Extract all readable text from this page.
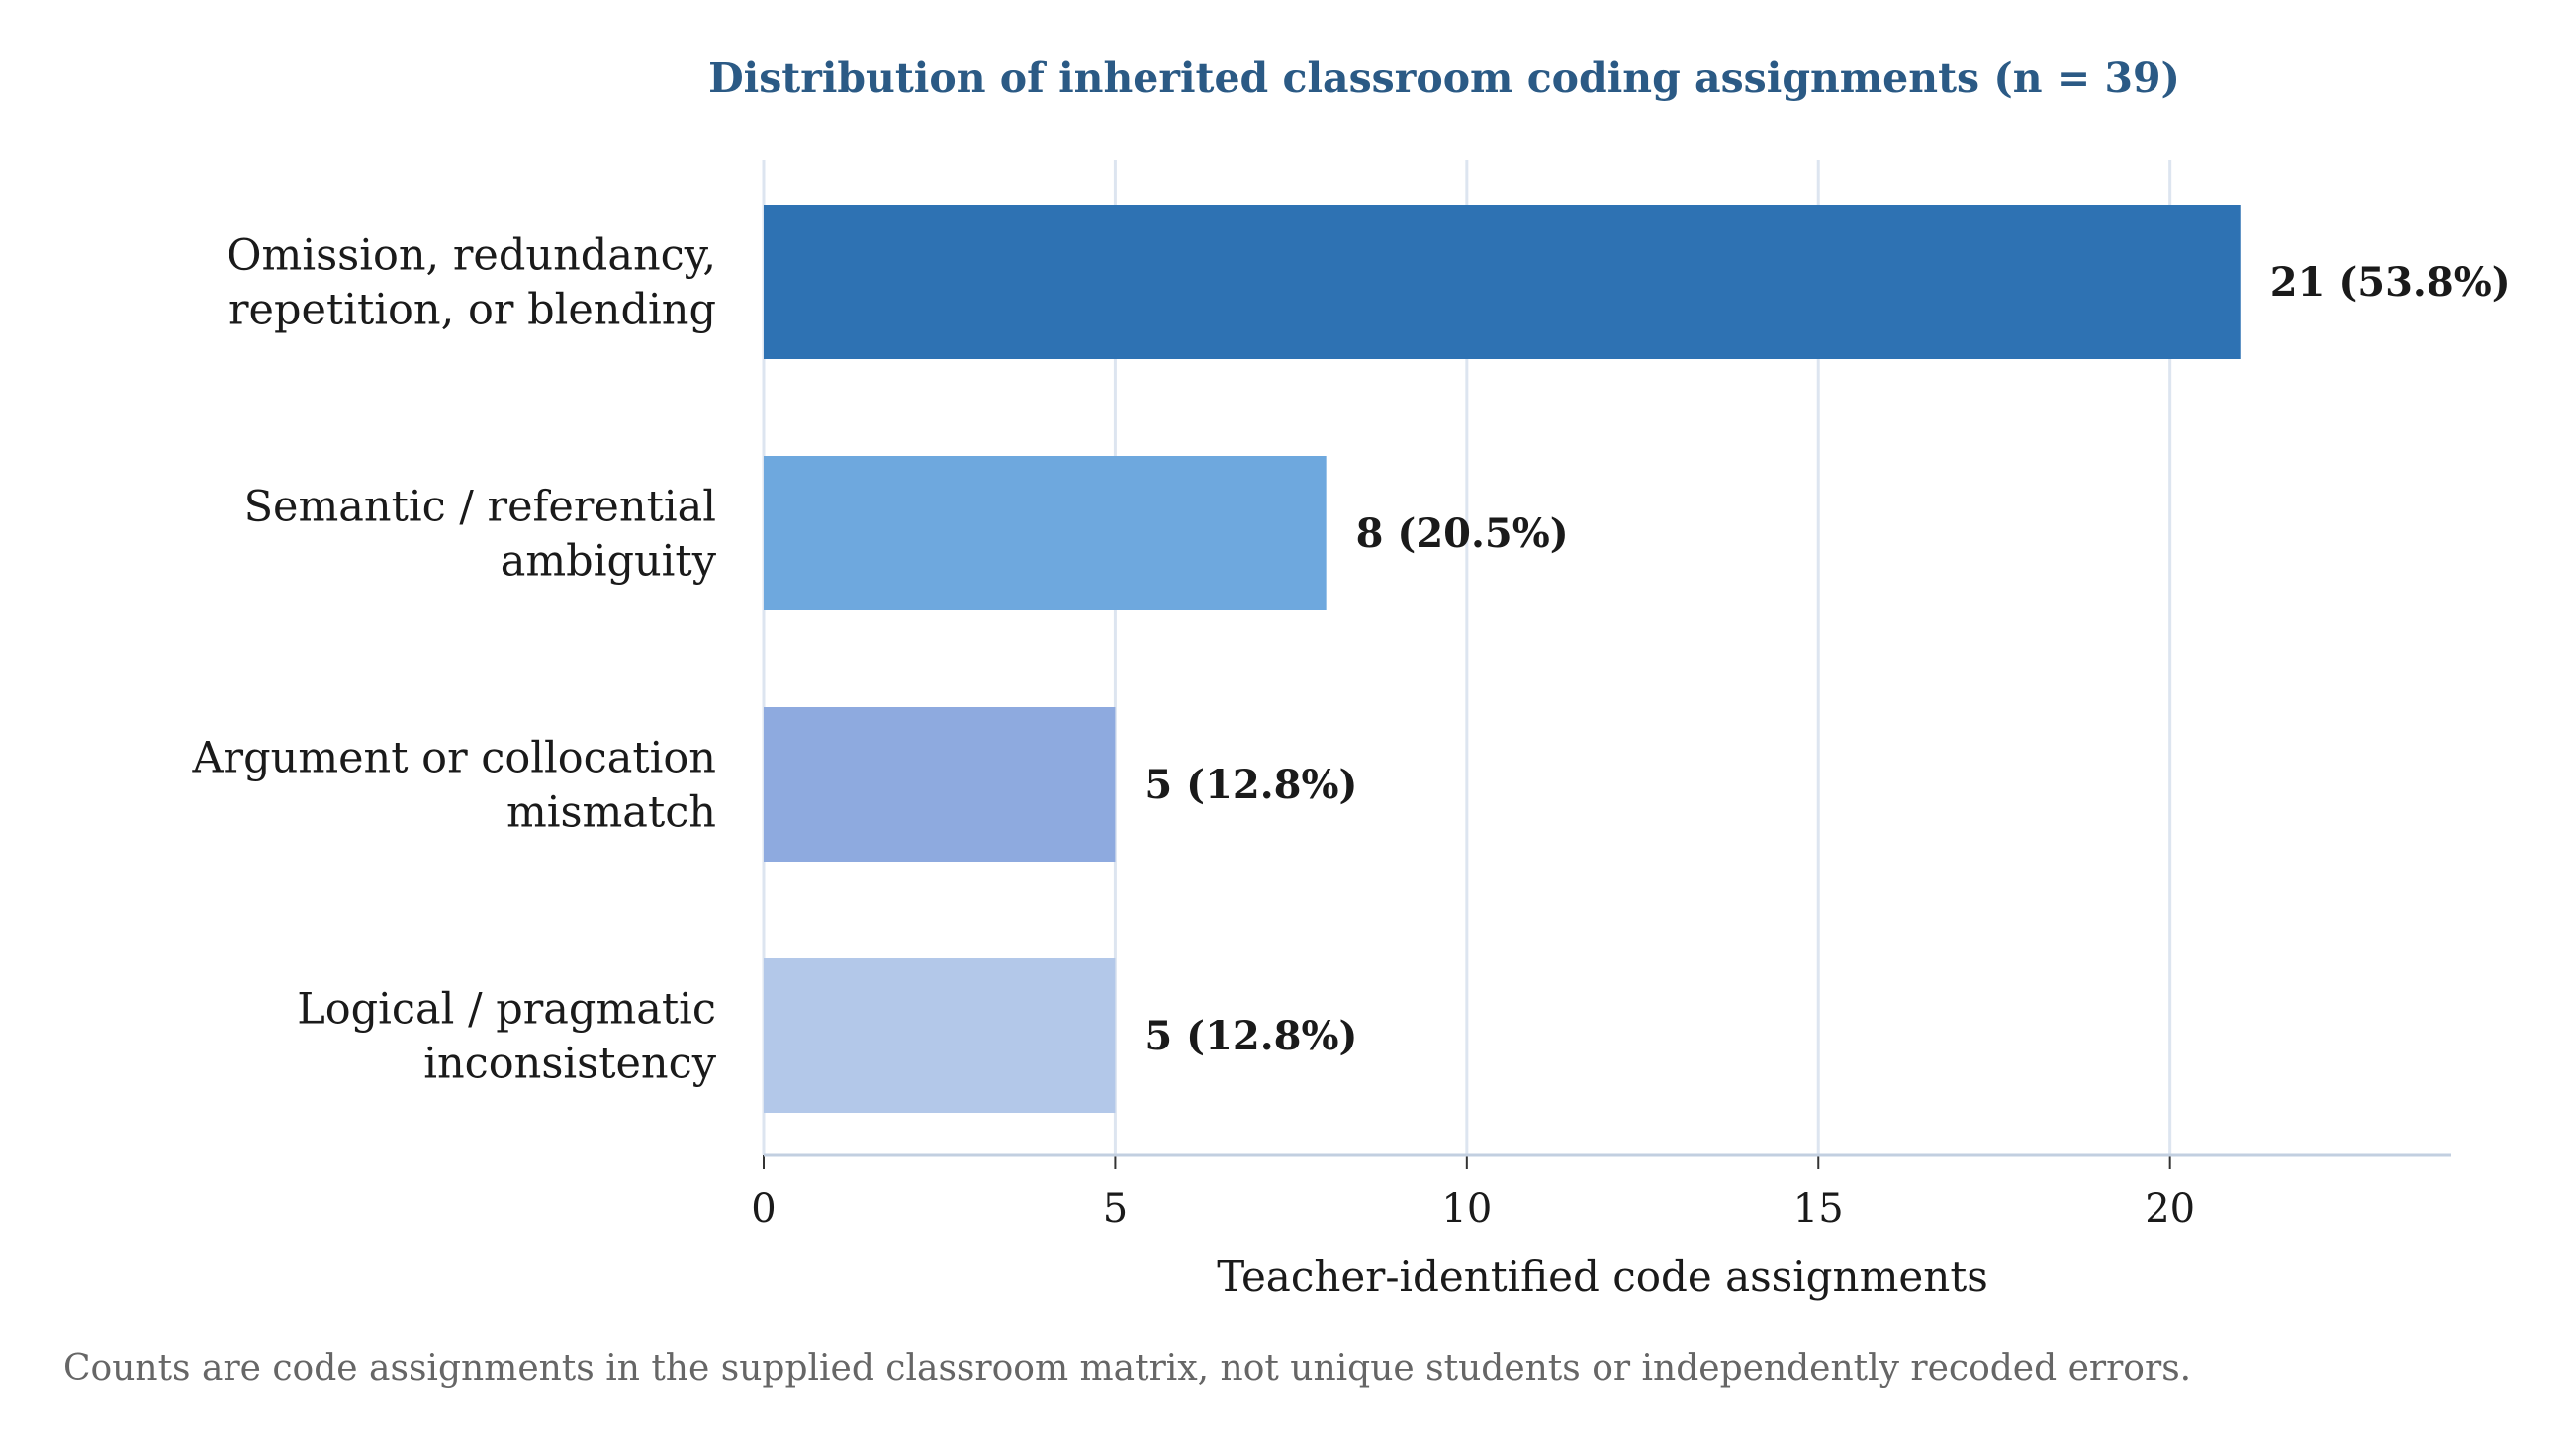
Distribution of inherited classroom coding assignments (n = 39)
Omission, redundancy,
repetition, or blending
Semantic / referential
ambiguity
Argument or collocation
mismatch
Logical / pragmatic
inconsistency
21 (53.8%)
8 (20.5%)
5 (12.8%)
5 (12.8%)
0	5	10	15	20
Teacher-identified code assignments
Counts are code assignments in the supplied classroom matrix, not unique students or independently recoded errors.
